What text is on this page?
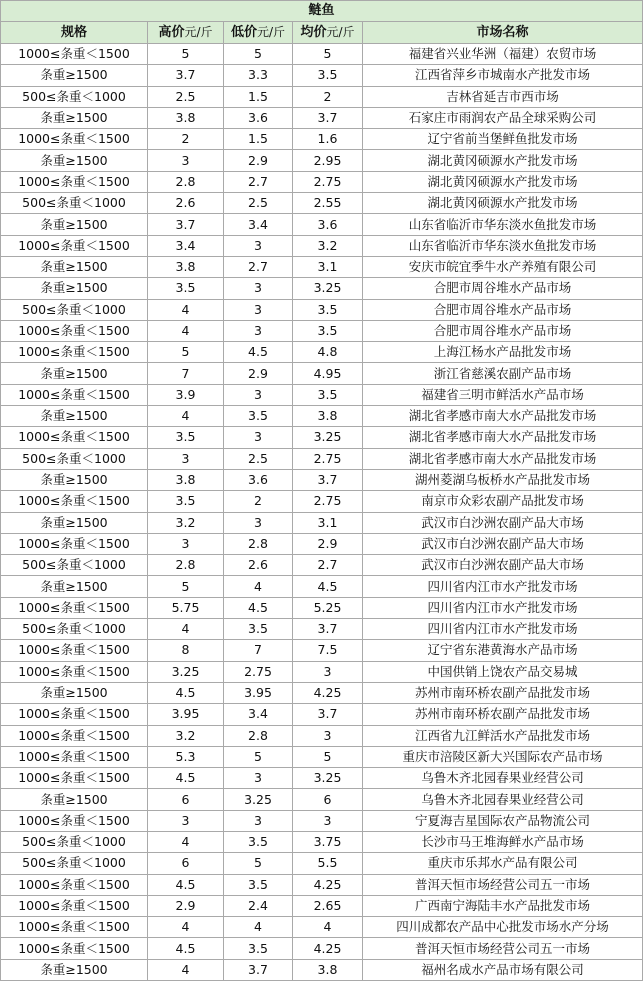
鲢鱼				
规格	高价元/斤	低价元/斤	均价元/斤	市场名称
1000≤条重＜1500	5	5	5	福建省兴业华洲（福建）农贸市场
条重≥1500	3.7	3.3	3.5	江西省萍乡市城南水产批发市场
500≤条重＜1000	2.5	1.5	2	吉林省延吉市西市场
条重≥1500	3.8	3.6	3.7	石家庄市雨润农产品全球采购公司
1000≤条重＜1500	2	1.5	1.6	辽宁省前当堡鲜鱼批发市场
条重≥1500	3	2.9	2.95	湖北黄冈硕源水产批发市场
1000≤条重＜1500	2.8	2.7	2.75	湖北黄冈硕源水产批发市场
500≤条重＜1000	2.6	2.5	2.55	湖北黄冈硕源水产批发市场
条重≥1500	3.7	3.4	3.6	山东省临沂市华东淡水鱼批发市场
1000≤条重＜1500	3.4	3	3.2	山东省临沂市华东淡水鱼批发市场
条重≥1500	3.8	2.7	3.1	安庆市皖宜季牛水产养殖有限公司
条重≥1500	3.5	3	3.25	合肥市周谷堆水产品市场
500≤条重＜1000	4	3	3.5	合肥市周谷堆水产品市场
1000≤条重＜1500	4	3	3.5	合肥市周谷堆水产品市场
1000≤条重＜1500	5	4.5	4.8	上海江杨水产品批发市场
条重≥1500	7	2.9	4.95	浙江省慈溪农副产品市场
1000≤条重＜1500	3.9	3	3.5	福建省三明市鲜活水产品市场
条重≥1500	4	3.5	3.8	湖北省孝感市南大水产品批发市场
1000≤条重＜1500	3.5	3	3.25	湖北省孝感市南大水产品批发市场
500≤条重＜1000	3	2.5	2.75	湖北省孝感市南大水产品批发市场
条重≥1500	3.8	3.6	3.7	湖州菱湖乌板桥水产品批发市场
1000≤条重＜1500	3.5	2	2.75	南京市众彩农副产品批发市场
条重≥1500	3.2	3	3.1	武汉市白沙洲农副产品大市场
1000≤条重＜1500	3	2.8	2.9	武汉市白沙洲农副产品大市场
500≤条重＜1000	2.8	2.6	2.7	武汉市白沙洲农副产品大市场
条重≥1500	5	4	4.5	四川省内江市水产批发市场
1000≤条重＜1500	5.75	4.5	5.25	四川省内江市水产批发市场
500≤条重＜1000	4	3.5	3.7	四川省内江市水产批发市场
1000≤条重＜1500	8	7	7.5	辽宁省东港黄海水产品市场
1000≤条重＜1500	3.25	2.75	3	中国供销上饶农产品交易城
条重≥1500	4.5	3.95	4.25	苏州市南环桥农副产品批发市场
1000≤条重＜1500	3.95	3.4	3.7	苏州市南环桥农副产品批发市场
1000≤条重＜1500	3.2	2.8	3	江西省九江鲜活水产品批发市场
1000≤条重＜1500	5.3	5	5	重庆市涪陵区新大兴国际农产品市场
1000≤条重＜1500	4.5	3	3.25	乌鲁木齐北园春果业经营公司
条重≥1500	6	3.25	6	乌鲁木齐北园春果业经营公司
1000≤条重＜1500	3	3	3	宁夏海吉星国际农产品物流公司
500≤条重＜1000	4	3.5	3.75	长沙市马王堆海鲜水产品市场
500≤条重＜1000	6	5	5.5	重庆市乐邦水产品有限公司
1000≤条重＜1500	4.5	3.5	4.25	普洱天恒市场经营公司五一市场
1000≤条重＜1500	2.9	2.4	2.65	广西南宁海陆丰水产品批发市场
1000≤条重＜1500	4	4	4	四川成都农产品中心批发市场水产分场
1000≤条重＜1500	4.5	3.5	4.25	普洱天恒市场经营公司五一市场
条重≥1500	4	3.7	3.8	福州名成水产品市场有限公司
